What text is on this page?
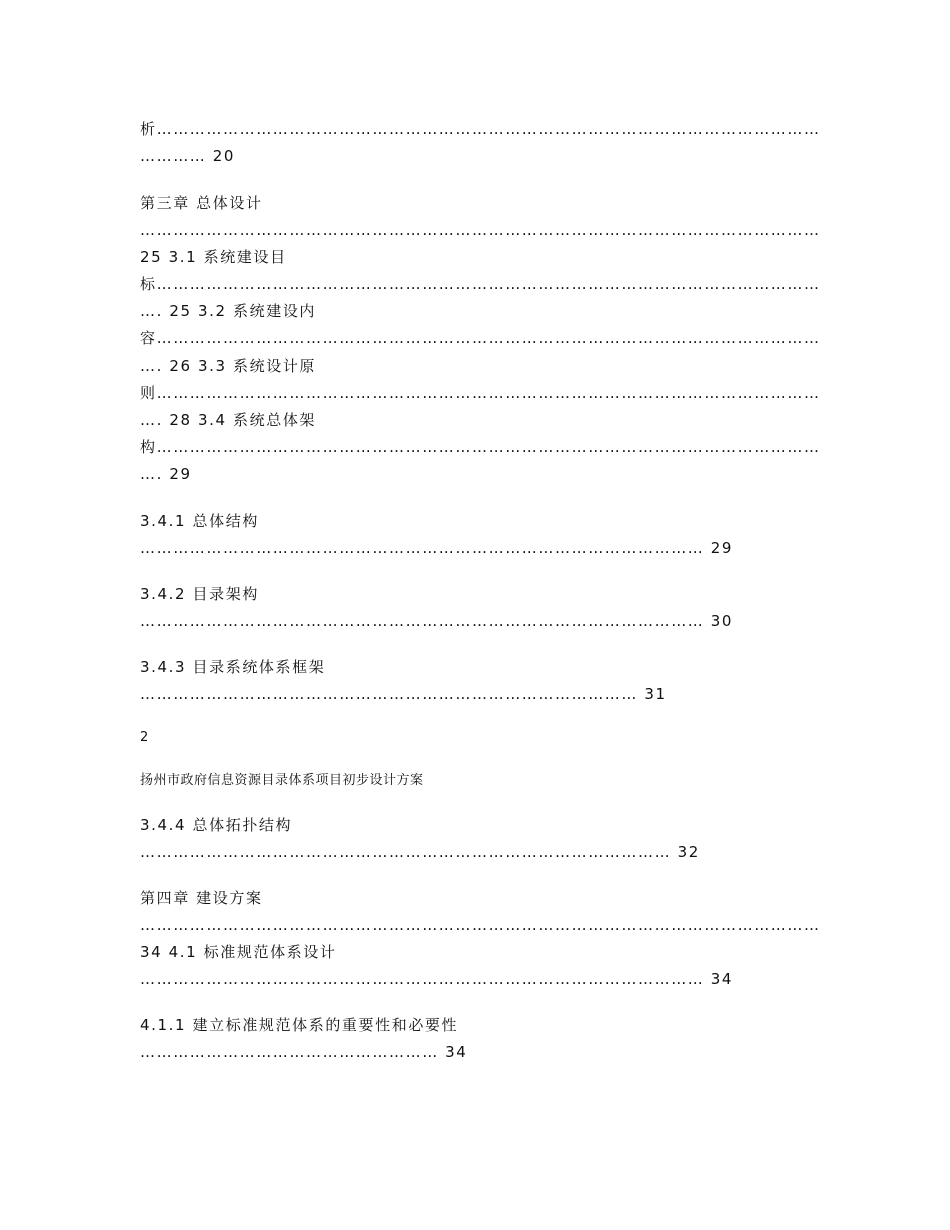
析…………………………………………………………………………………………………………

………… 20

第三章 总体设计

……………………………………………………………………………………………………………

25 3.1 系统建设目

标…………………………………………………………………………………………………………

…. 25 3.2 系统建设内

容…………………………………………………………………………………………………………

…. 26 3.3 系统设计原

则…………………………………………………………………………………………………………

…. 28 3.4 系统总体架

构…………………………………………………………………………………………………………

…. 29

3.4.1 总体结构

………………………………………………………………………………………… 29

3.4.2 目录架构

………………………………………………………………………………………… 30

3.4.3 目录系统体系框架

……………………………………………………………………………… 31

2

扬州市政府信息资源目录体系项目初步设计方案

3.4.4 总体拓扑结构

…………………………………………………………………………………… 32

第四章 建设方案

……………………………………………………………………………………………………………

34 4.1 标准规范体系设计

………………………………………………………………………………………… 34

4.1.1 建立标准规范体系的重要性和必要性

……………………………………………… 34
